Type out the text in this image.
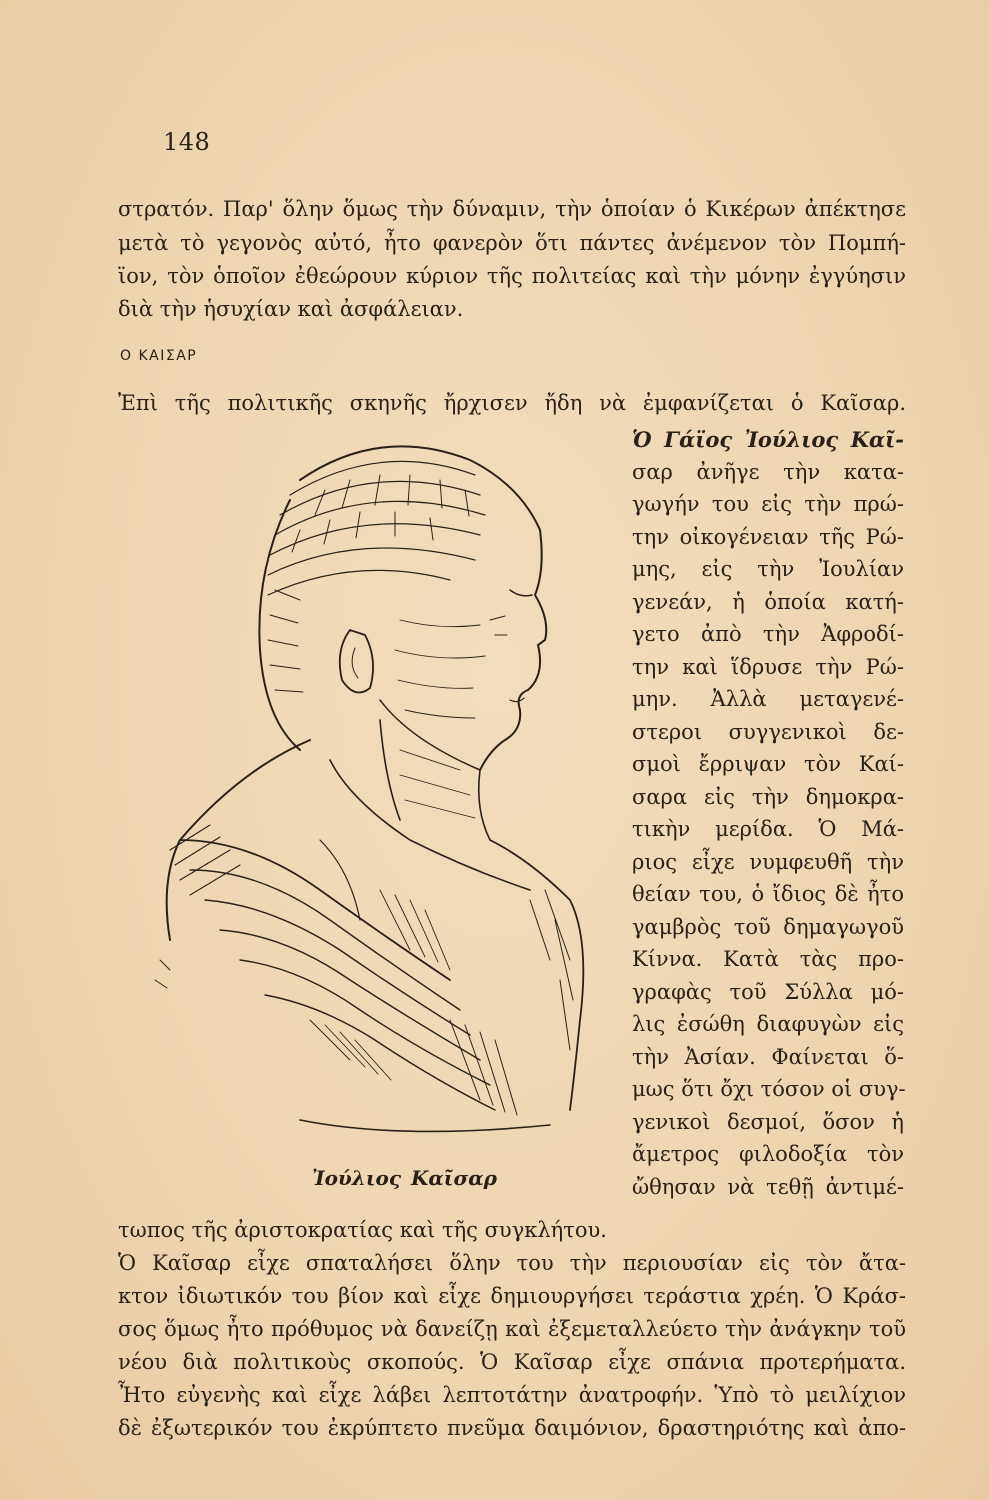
148
στρατόν. Παρ' ὅλην ὅμως τὴν δύναμιν, τὴν ὁποίαν ὁ Κικέρων ἀπέκτησε
μετὰ τὸ γεγονὸς αὐτό, ἦτο φανερὸν ὅτι πάντες ἀνέμενον τὸν Πομπή-
ϊον, τὸν ὁποῖον ἐθεώρουν κύριον τῆς πολιτείας καὶ τὴν μόνην ἐγγύησιν
διὰ τὴν ἡσυχίαν καὶ ἀσφάλειαν.
Ο ΚΑΙΣΑΡ
Ἐπὶ τῆς πολιτικῆς σκηνῆς ἤρχισεν ἤδη νὰ ἐμφανίζεται ὁ Καῖσαρ.
Ὁ Γάϊος Ἰούλιος Καῖ-
σαρ ἀνῆγε τὴν κατα-
γωγήν του εἰς τὴν πρώ-
την οἰκογένειαν τῆς Ρώ-
μης, εἰς τὴν Ἰουλίαν
γενεάν, ἡ ὁποία κατή-
γετο ἀπὸ τὴν Ἀφροδί-
την καὶ ἵδρυσε τὴν Ρώ-
μην. Ἀλλὰ μεταγενέ-
στεροι συγγενικοὶ δε-
σμοὶ ἔρριψαν τὸν Καί-
σαρα εἰς τὴν δημοκρα-
τικὴν μερίδα. Ὁ Μά-
ριος εἶχε νυμφευθῆ τὴν
θείαν του, ὁ ἴδιος δὲ ἦτο
γαμβρὸς τοῦ δημαγωγοῦ
Κίννα. Κατὰ τὰς προ-
γραφὰς τοῦ Σύλλα μό-
λις ἐσώθη διαφυγὼν εἰς
τὴν Ἀσίαν. Φαίνεται ὅ-
μως ὅτι ὄχι τόσον οἱ συγ-
γενικοὶ δεσμοί, ὅσον ἡ
ἄμετρος φιλοδοξία τὸν
ὤθησαν νὰ τεθῇ ἀντιμέ-
Ἰούλιος Καῖσαρ
τωπος τῆς ἀριστοκρατίας καὶ τῆς συγκλήτου.
Ὁ Καῖσαρ εἶχε σπαταλήσει ὅλην του τὴν περιουσίαν εἰς τὸν ἄτα-
κτον ἰδιωτικόν του βίον καὶ εἶχε δημιουργήσει τεράστια χρέη. Ὁ Κράσ-
σος ὅμως ἦτο πρόθυμος νὰ δανείζῃ καὶ ἐξεμεταλλεύετο τὴν ἀνάγκην τοῦ
νέου διὰ πολιτικοὺς σκοπούς. Ὁ Καῖσαρ εἶχε σπάνια προτερήματα.
Ἦτο εὐγενὴς καὶ εἶχε λάβει λεπτοτάτην ἀνατροφήν. Ὑπὸ τὸ μειλίχιον
δὲ ἐξωτερικόν του ἐκρύπτετο πνεῦμα δαιμόνιον, δραστηριότης καὶ ἀπο-
